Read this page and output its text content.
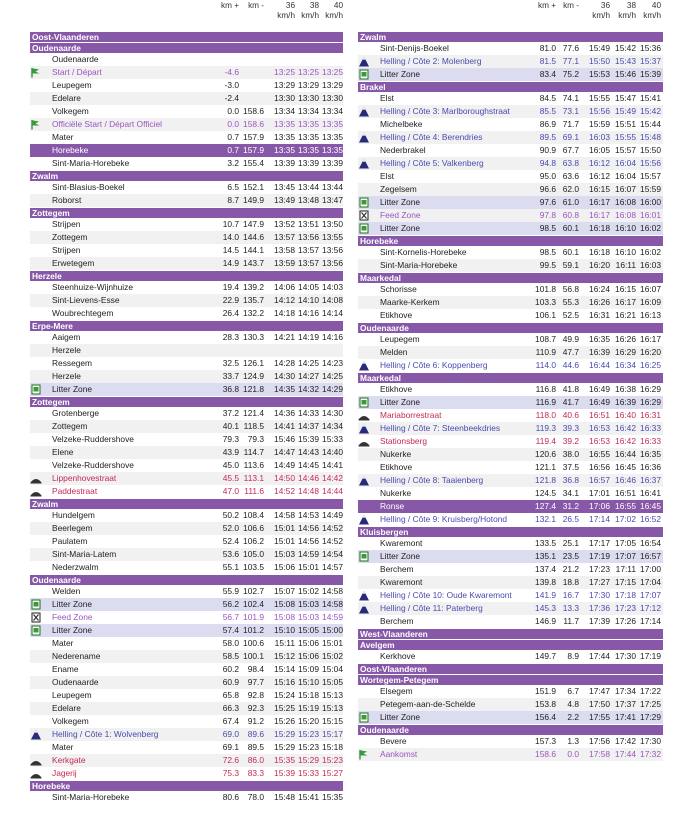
km +	km -	36
km/h
38
km/h
40
km/h
km + km -	36
km/h
38
km/h
40
km/h
Oost-Vlaanderen
Oudenaarde
Oudenaarde
Start / Départ	-4.6	13:25 13:25 13:25
Leupegem	-3.0	13:29 13:29 13:29
Edelare	-2.4	13:30 13:30 13:30
Volkegem	0.0 158.6	13:34 13:34 13:34
Officiële Start / Départ Officiel	0.0 158.6	13:35 13:35 13:35
Mater	0.7 157.9	13:35 13:35 13:35
Horebeke	0.7 157.9	13:35 13:35 13:35
Sint-Maria-Horebeke	3.2 155.4	13:39 13:39 13:39
Zwalm
Sint-Blasius-Boekel	6.5 152.1	13:45 13:44 13:44
Roborst	8.7 149.9	13:49 13:48 13:47
Zottegem
Strijpen	10.7 147.9	13:52 13:51 13:50
Zottegem	14.0 144.6	13:57 13:56 13:55
Strijpen	14.5 144.1	13:58 13:57 13:56
Erwetegem	14.9 143.7	13:59 13:57 13:56
Herzele
Steenhuize-Wijnhuize	19.4 139.2	14:06 14:05 14:03
Sint-Lievens-Esse	22.9 135.7	14:12 14:10 14:08
Woubrechtegem	26.4 132.2	14:18 14:16 14:14
Erpe-Mere
Aaigem	28.3 130.3	14:21 14:19 14:16
Herzele
Ressegem	32.5 126.1	14:28 14:25 14:23
Herzele	33.7 124.9	14:30 14:27 14:25
Litter Zone	36.8 121.8	14:35 14:32 14:29
Zottegem
Grotenberge	37.2 121.4	14:36 14:33 14:30
Zottegem	40.1 118.5	14:41 14:37 14:34
Velzeke-Ruddershove	79.3	79.3	15:46 15:39 15:33
Elene	43.9 114.7	14:47 14:43 14:40
Velzeke-Ruddershove	45.0 113.6	14:49 14:45 14:41
Lippenhovestraat	45.5 113.1	14:50 14:46 14:42
Paddestraat	47.0 111.6	14:52 14:48 14:44
Zwalm
Hundelgem	50.2 108.4	14:58 14:53 14:49
Beerlegem	52.0 106.6	15:01 14:56 14:52
Paulatem	52.4 106.2	15:01 14:56 14:52
Sint-Maria-Latem	53.6 105.0	15:03 14:59 14:54
Nederzwalm	55.1 103.5	15:06 15:01 14:57
Oudenaarde
Welden	55.9 102.7	15:07 15:02 14:58
Litter Zone	56.2 102.4	15:08 15:03 14:58
Feed Zone	56.7 101.9	15:08 15:03 14:59
Litter Zone	57.4 101.2	15:10 15:05 15:00
Mater	58.0 100.6	15:11 15:06 15:01
Nederename	58.5 100.1	15:12 15:06 15:02
Ename	60.2	98.4	15:14 15:09 15:04
Oudenaarde	60.9	97.7	15:16 15:10 15:05
Leupegem	65.8	92.8	15:24 15:18 15:13
Edelare	66.3	92.3	15:25 15:19 15:13
Volkegem	67.4	91.2	15:26 15:20 15:15
Helling / Côte 1: Wolvenberg	69.0	89.6	15:29 15:23 15:17
Mater	69.1	89.5	15:29 15:23 15:18
Kerkgate	72.6	86.0	15:35 15:29 15:23
Jagerij	75.3	83.3	15:39 15:33 15:27
Horebeke
Sint-Maria-Horebeke	80.6	78.0	15:48 15:41 15:35
Zwalm
Sint-Denijs-Boekel	81.0 77.6	15:49 15:42 15:36
Helling / Côte 2: Molenberg	81.5 77.1	15:50 15:43 15:37
Litter Zone	83.4 75.2	15:53 15:46 15:39
Brakel
Elst	84.5 74.1	15:55 15:47 15:41
Helling / Côte 3: Marlboroughstraat	85.5 73.1	15:56 15:49 15:42
Michelbeke	86.9 71.7	15:59 15:51 15:44
Helling / Côte 4: Berendries	89.5 69.1	16:03 15:55 15:48
Nederbrakel	90.9 67.7	16:05 15:57 15:50
Helling / Côte 5: Valkenberg	94.8 63.8	16:12 16:04 15:56
Elst	95.0 63.6	16:12 16:04 15:57
Zegelsem	96.6 62.0	16:15 16:07 15:59
Litter Zone	97.6 61.0	16:17 16:08 16:00
Feed Zone	97.8 60.8	16:17 16:08 16:01
Litter Zone	98.5 60.1	16:18 16:10 16:02
Horebeke
Sint-Kornelis-Horebeke	98.5 60.1	16:18 16:10 16:02
Sint-Maria-Horebeke	99.5 59.1	16:20 16:11 16:03
Maarkedal
Schorisse	101.8 56.8	16:24 16:15 16:07
Maarke-Kerkem	103.3 55.3	16:26 16:17 16:09
Etikhove	106.1 52.5	16:31 16:21 16:13
Oudenaarde
Leupegem	108.7 49.9	16:35 16:26 16:17
Melden	110.9 47.7	16:39 16:29 16:20
Helling / Côte 6: Koppenberg	114.0 44.6	16:44 16:34 16:25
Maarkedal
Etikhove	116.8 41.8	16:49 16:38 16:29
Litter Zone	116.9 41.7	16:49 16:39 16:29
Mariaborrestraat	118.0 40.6	16:51 16:40 16:31
Helling / Côte 7: Steenbeekdries	119.3 39.3	16:53 16:42 16:33
Stationsberg	119.4 39.2	16:53 16:42 16:33
Nukerke	120.6 38.0	16:55 16:44 16:35
Etikhove	121.1 37.5	16:56 16:45 16:36
Helling / Côte 8: Taaienberg	121.8 36.8	16:57 16:46 16:37
Nukerke	124.5 34.1	17:01 16:51 16:41
Ronse	127.4 31.2	17:06 16:55 16:45
Helling / Côte 9: Kruisberg/Hotond	132.1 26.5	17:14 17:02 16:52
Kluisbergen
Kwaremont	133.5 25.1	17:17 17:05 16:54
Litter Zone	135.1 23.5	17:19 17:07 16:57
Berchem	137.4 21.2	17:23 17:11 17:00
Kwaremont	139.8 18.8	17:27 17:15 17:04
Helling / Côte 10: Oude Kwaremont	141.9 16.7	17:30 17:18 17:07
Helling / Côte 11: Paterberg	145.3 13.3	17:36 17:23 17:12
Berchem	146.9 11.7	17:39 17:26 17:14
West-Vlaanderen
Avelgem
Kerkhove	149.7	8.9	17:44 17:30 17:19
Oost-Vlaanderen
Wortegem-Petegem
Elsegem	151.9	6.7	17:47 17:34 17:22
Petegem-aan-de-Schelde	153.8	4.8	17:50 17:37 17:25
Litter Zone	156.4	2.2	17:55 17:41 17:29
Oudenaarde
Bevere	157.3	1.3	17:56 17:42 17:30
Aankomst	158.6	0.0	17:58 17:44 17:32
